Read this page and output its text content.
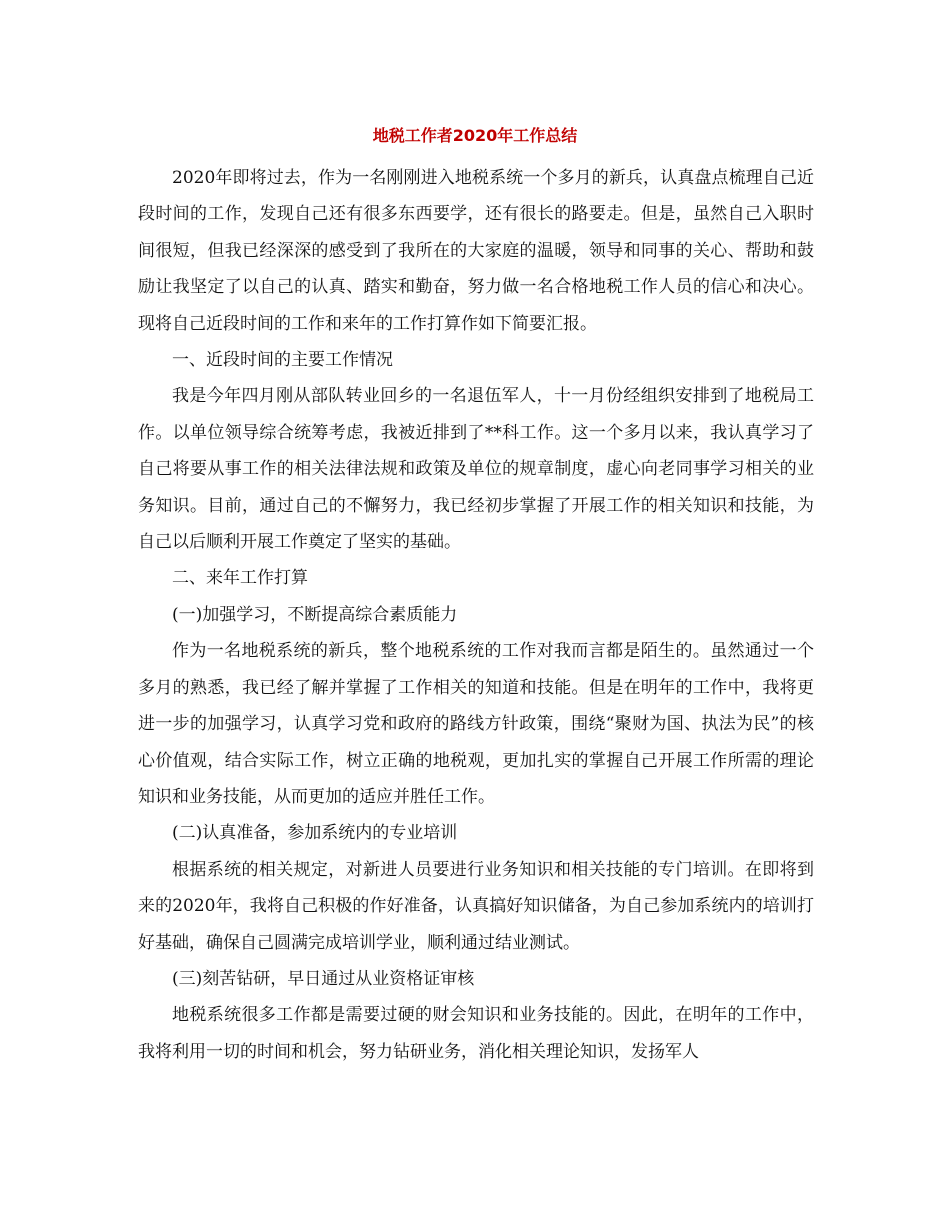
地税工作者2020年工作总结

2020年即将过去，作为一名刚刚进入地税系统一个多月的新兵，认真盘点梳理自己近段时间的工作，发现自己还有很多东西要学，还有很长的路要走。但是，虽然自己入职时间很短，但我已经深深的感受到了我所在的大家庭的温暖，领导和同事的关心、帮助和鼓励让我坚定了以自己的认真、踏实和勤奋，努力做一名合格地税工作人员的信心和决心。现将自己近段时间的工作和来年的工作打算作如下简要汇报。

一、近段时间的主要工作情况

我是今年四月刚从部队转业回乡的一名退伍军人，十一月份经组织安排到了地税局工作。以单位领导综合统筹考虑，我被近排到了**科工作。这一个多月以来，我认真学习了自己将要从事工作的相关法律法规和政策及单位的规章制度，虚心向老同事学习相关的业务知识。目前，通过自己的不懈努力，我已经初步掌握了开展工作的相关知识和技能，为自己以后顺利开展工作奠定了坚实的基础。

二、来年工作打算

(一)加强学习，不断提高综合素质能力

作为一名地税系统的新兵，整个地税系统的工作对我而言都是陌生的。虽然通过一个多月的熟悉，我已经了解并掌握了工作相关的知道和技能。但是在明年的工作中，我将更进一步的加强学习，认真学习党和政府的路线方针政策，围绕“聚财为国、执法为民”的核心价值观，结合实际工作，树立正确的地税观，更加扎实的掌握自己开展工作所需的理论知识和业务技能，从而更加的适应并胜任工作。

(二)认真准备，参加系统内的专业培训

根据系统的相关规定，对新进人员要进行业务知识和相关技能的专门培训。在即将到来的2020年，我将自己积极的作好准备，认真搞好知识储备，为自己参加系统内的培训打好基础，确保自己圆满完成培训学业，顺利通过结业测试。

(三)刻苦钻研，早日通过从业资格证审核

地税系统很多工作都是需要过硬的财会知识和业务技能的。因此，在明年的工作中，我将利用一切的时间和机会，努力钻研业务，消化相关理论知识，发扬军人
